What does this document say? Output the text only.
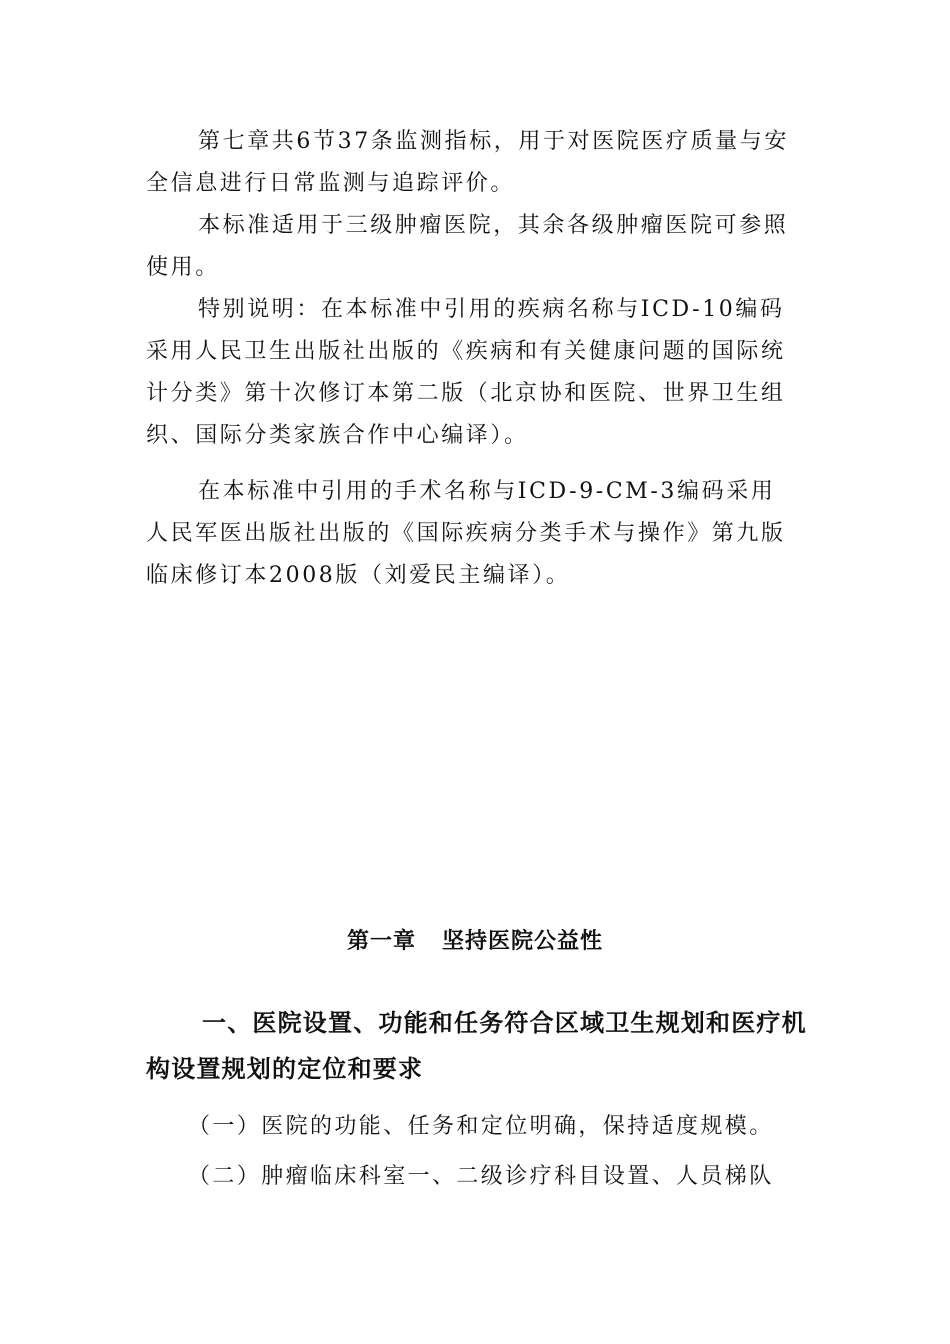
第七章共6节37条监测指标，用于对医院医疗质量与安全信息进行日常监测与追踪评价。

本标准适用于三级肿瘤医院，其余各级肿瘤医院可参照使用。

特别说明：在本标准中引用的疾病名称与ICD-10编码采用人民卫生出版社出版的《疾病和有关健康问题的国际统计分类》第十次修订本第二版（北京协和医院、世界卫生组织、国际分类家族合作中心编译）。

在本标准中引用的手术名称与ICD-9-CM-3编码采用人民军医出版社出版的《国际疾病分类手术与操作》第九版临床修订本2008版（刘爱民主编译）。

第一章   坚持医院公益性
一、医院设置、功能和任务符合区域卫生规划和医疗机构设置规划的定位和要求

（一）医院的功能、任务和定位明确，保持适度规模。

（二）肿瘤临床科室一、二级诊疗科目设置、人员梯队
